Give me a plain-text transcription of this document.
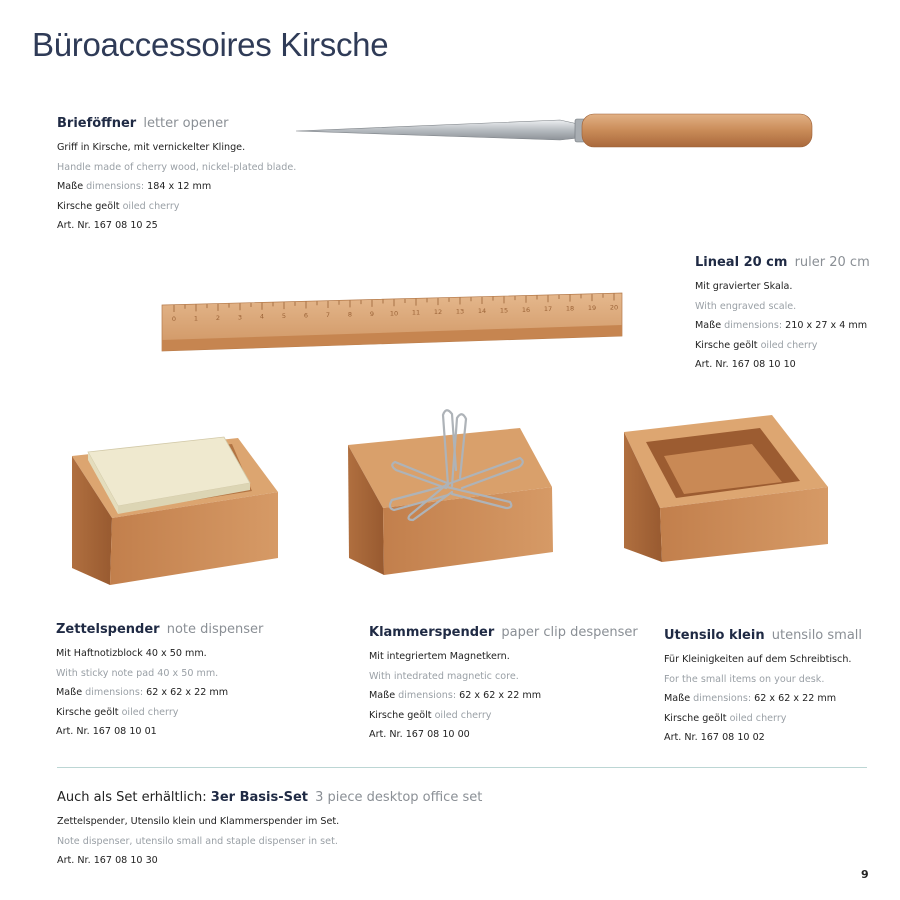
Büroaccessoires Kirsche
0	1	2	3	4	5	6	7	8	9 10 11 12 13 14 15 16 17 18 19 20
Brieföffner letter opener
Griff in Kirsche, mit vernickelter Klinge.
Handle made of cherry wood, nickel-plated blade.
Maße dimensions: 184 x 12 mm
Kirsche geölt oiled cherry
Art. Nr. 167 08 10 25
Lineal 20 cm ruler 20 cm
Mit gravierter Skala.
With engraved scale.
Maße dimensions: 210 x 27 x 4 mm
Kirsche geölt oiled cherry
Art. Nr. 167 08 10 10
Zettelspender note dispenser
Mit Haftnotizblock 40 x 50 mm.
With sticky note pad 40 x 50 mm.
Maße dimensions: 62 x 62 x 22 mm
Kirsche geölt oiled cherry
Art. Nr. 167 08 10 01
Klammerspender paper clip despenser
Mit integriertem Magnetkern.
With intedrated magnetic core.
Maße dimensions: 62 x 62 x 22 mm
Kirsche geölt oiled cherry
Art. Nr. 167 08 10 00
Utensilo klein utensilo small
Für Kleinigkeiten auf dem Schreibtisch.
For the small items on your desk.
Maße dimensions: 62 x 62 x 22 mm
Kirsche geölt oiled cherry
Art. Nr. 167 08 10 02
Auch als Set erhältlich: 3er Basis-Set 3 piece desktop office set
Zettelspender, Utensilo klein und Klammerspender im Set.
Note dispenser, utensilo small and staple dispenser in set.
Art. Nr. 167 08 10 30
9
